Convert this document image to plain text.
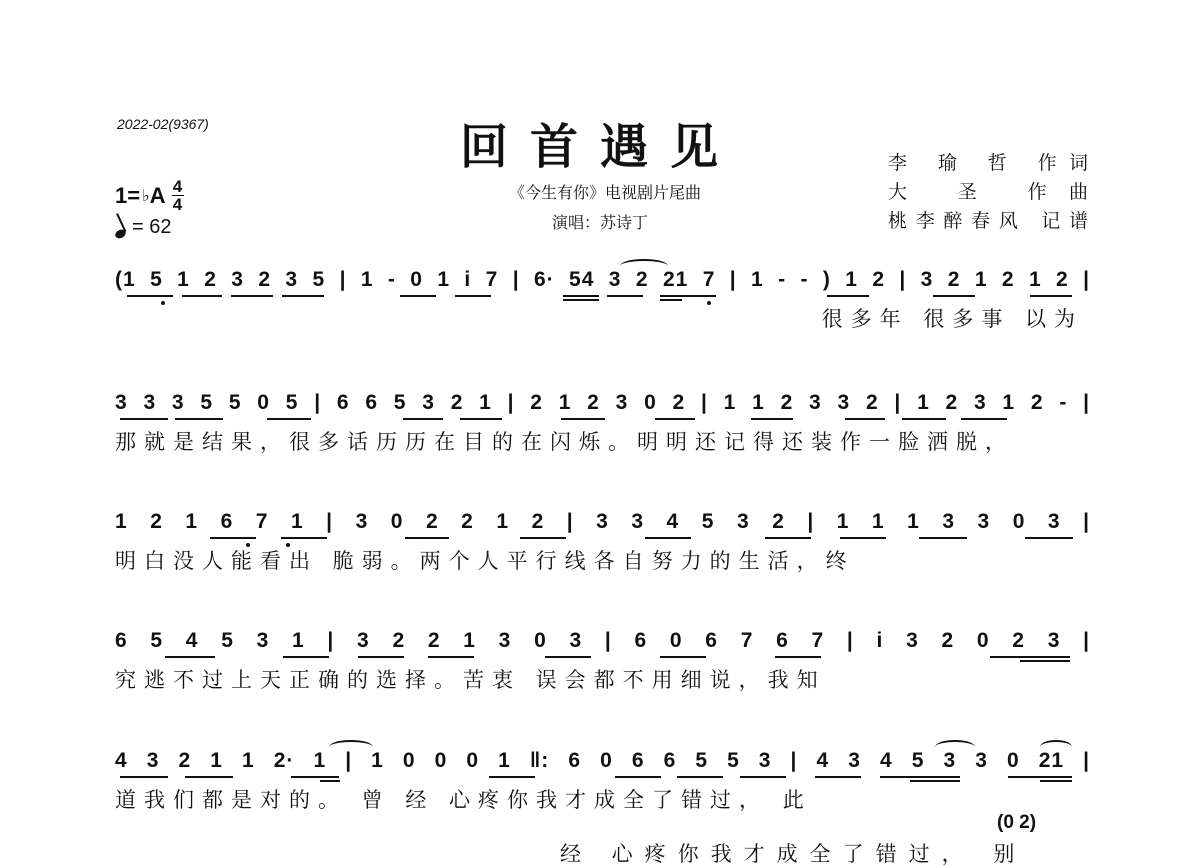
2022-02(9367)	回首遇见
《今生有你》电视剧片尾曲
演唱：苏诗丁
李 瑜 哲 作词
大 圣 作曲
桃李醉春风 记谱
1= ♭ A 4
4
= 62
(1 5 1 2 3 2 3 5 | 1 - 0 1 i 7 | 6· 54 3 2 21 7 | 1 - - ) 1 2 | 3 2 1 2 1 2 |
很多年 很多事 以为
3 3 3 5 5 0 5 | 6 6 5 3 2 1 | 2 1 2 3 0 2 | 1 1 2 3 3 2 | 1 2 3 1 2 - |
那就是结果，很多话历历在目的在闪烁。明明还记得还装作一脸洒脱，
1 2 1 6 7 1 | 3 0 2 2 1 2 | 3 3 4 5 3 2 | 1 1 1 3 3 0 3 |
明白没人能看出 脆弱。两个人平行线各自努力的生活，终
6 5 4 5 3 1 | 3 2 2 1 3 0 3 | 6 0 6 7 6 7 | i 3 2 0 2 3 |
究逃不过上天正确的选择。苦衷 误会都不用细说，我知
4 3 2 1 1 2· 1 | 1 0 0 0 1 ‖: 6 0 6 6 5 5 3 | 4 3 4 5 3 3 0 21 |
道我们都是对的。 曾 经 心疼你我才成全了错过， 此
(0 2)
经 心疼你我才成全了错过， 别
